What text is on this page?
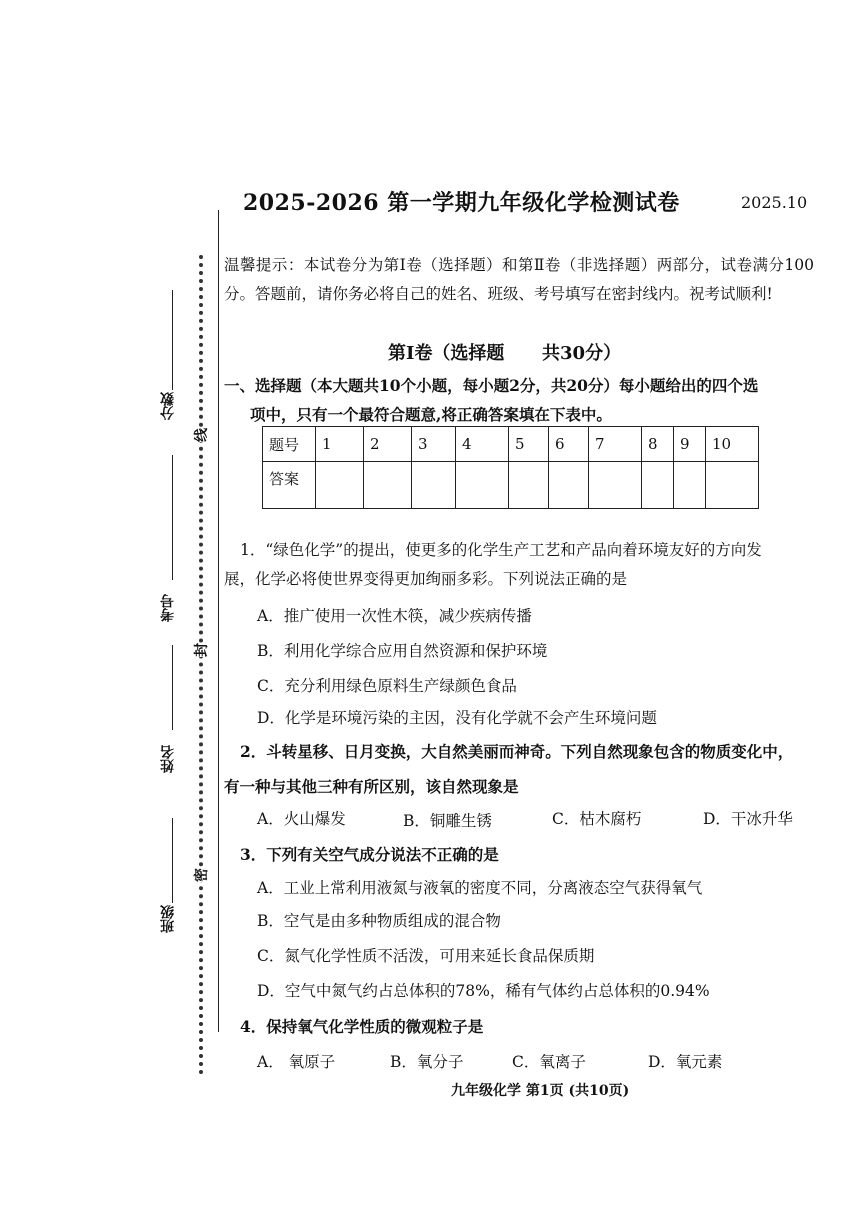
分数
考号
姓名
班级
线
封
密
2025-2026 第一学期九年级化学检测试卷	2025.10
温馨提示：本试卷分为第Ⅰ卷（选择题）和第Ⅱ卷（非选择题）两部分，试卷满分100分。答题前，请你务必将自己的姓名、班级、考号填写在密封线内。祝考试顺利!
第Ⅰ卷（选择题      共30分）
一、选择题（本大题共10个小题，每小题2分，共20分）每小题给出的四个选
项中，只有一个最符合题意,将正确答案填在下表中。
题号	1	2	3	4	5	6	7	8	9	10
答案										
1．“绿色化学”的提出，使更多的化学生产工艺和产品向着环境友好的方向发
展，化学必将使世界变得更加绚丽多彩。下列说法正确的是
A．推广使用一次性木筷，减少疾病传播
B．利用化学综合应用自然资源和保护环境
C．充分利用绿色原料生产绿颜色食品
D．化学是环境污染的主因，没有化学就不会产生环境问题
2．斗转星移、日月变换，大自然美丽而神奇。下列自然现象包含的物质变化中，
有一种与其他三种有所区别，该自然现象是
A．火山爆发	B．铜雕生锈	C．枯木腐朽	D．干冰升华
3．下列有关空气成分说法不正确的是
A．工业上常利用液氮与液氧的密度不同，分离液态空气获得氧气
B．空气是由多种物质组成的混合物
C．氮气化学性质不活泼，可用来延长食品保质期
D．空气中氮气约占总体积的78%，稀有气体约占总体积的0.94%
4．保持氧气化学性质的微观粒子是
A． 氧原子	B．氧分子	C．氧离子	D．氧元素
九年级化学 第1页 (共10页)
